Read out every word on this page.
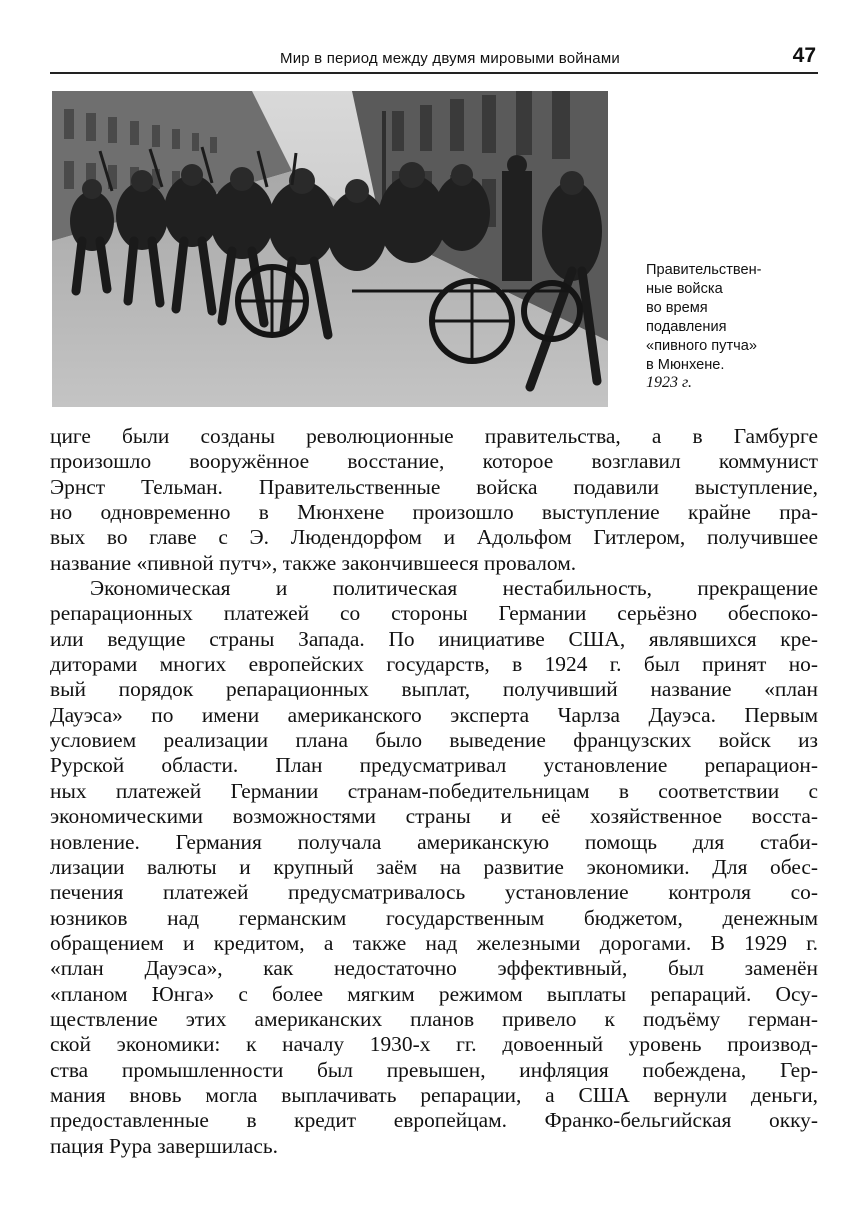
Мир в период между двумя мировыми войнами	47
Правительствен-
ные войска
во время
подавления
«пивного путча»
в Мюнхене.
1923 г.
циге были созданы революционные правительства, а в Гамбурге
произошло вооружённое восстание, которое возглавил коммунист
Эрнст Тельман. Правительственные войска подавили выступление,
но одновременно в Мюнхене произошло выступление крайне пра-
вых во главе с Э. Людендорфом и Адольфом Гитлером, получившее
название «пивной путч», также закончившееся провалом.
Экономическая и политическая нестабильность, прекращение
репарационных платежей со стороны Германии серьёзно обеспоко-
или ведущие страны Запада. По инициативе США, являвшихся кре-
диторами многих европейских государств, в 1924 г. был принят но-
вый порядок репарационных выплат, получивший название «план
Дауэса» по имени американского эксперта Чарлза Дауэса. Первым
условием реализации плана было выведение французских войск из
Рурской области. План предусматривал установление репарацион-
ных платежей Германии странам-победительницам в соответствии с
экономическими возможностями страны и её хозяйственное восста-
новление. Германия получала американскую помощь для стаби-
лизации валюты и крупный заём на развитие экономики. Для обес-
печения платежей предусматривалось установление контроля со-
юзников над германским государственным бюджетом, денежным
обращением и кредитом, а также над железными дорогами. В 1929 г.
«план Дауэса», как недостаточно эффективный, был заменён
«планом Юнга» с более мягким режимом выплаты репараций. Осу-
ществление этих американских планов привело к подъёму герман-
ской экономики: к началу 1930-х гг. довоенный уровень производ-
ства промышленности был превышен, инфляция побеждена, Гер-
мания вновь могла выплачивать репарации, а США вернули деньги,
предоставленные в кредит европейцам. Франко-бельгийская окку-
пация Рура завершилась.
